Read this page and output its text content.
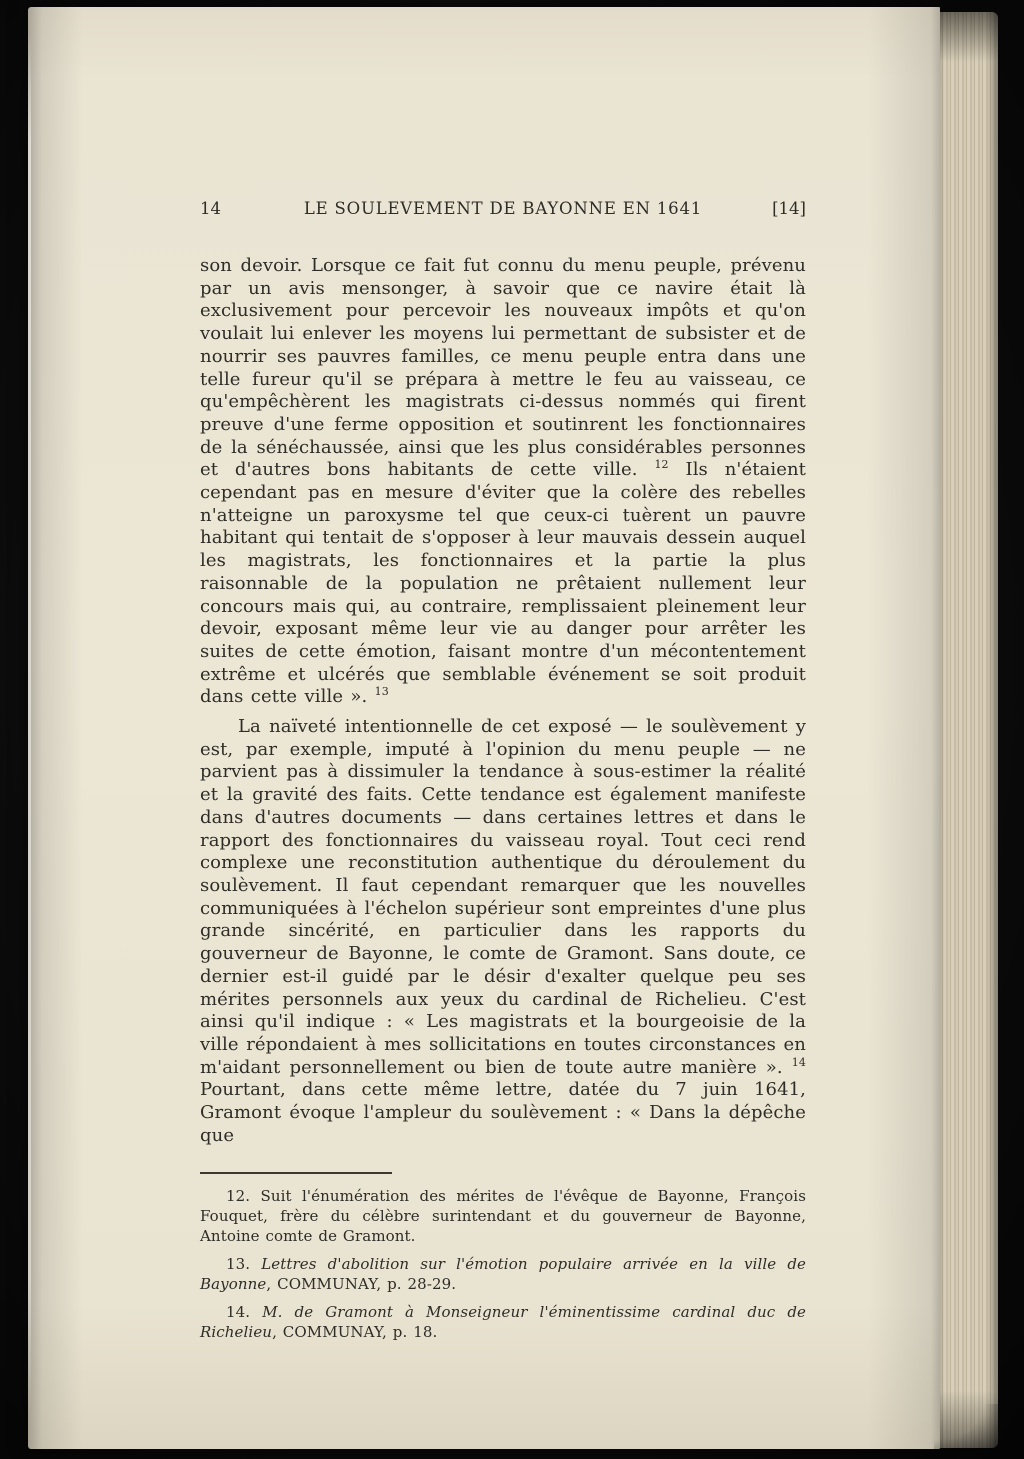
14	LE SOULEVEMENT DE BAYONNE EN 1641	[14]

son devoir. Lorsque ce fait fut connu du menu peuple, prévenu par un avis mensonger, à savoir que ce navire était là exclusivement pour percevoir les nouveaux impôts et qu'on voulait lui enlever les moyens lui permettant de subsister et de nourrir ses pauvres familles, ce menu peuple entra dans une telle fureur qu'il se prépara à mettre le feu au vaisseau, ce qu'empêchèrent les magistrats ci-dessus nommés qui firent preuve d'une ferme opposition et soutinrent les fonctionnaires de la sénéchaussée, ainsi que les plus considérables personnes et d'autres bons habitants de cette ville. $^{12}$ Ils n'étaient cependant pas en mesure d'éviter que la colère des rebelles n'atteigne un paroxysme tel que ceux-ci tuèrent un pauvre habitant qui tentait de s'opposer à leur mauvais dessein auquel les magistrats, les fonctionnaires et la partie la plus raisonnable de la population ne prêtaient nullement leur concours mais qui, au contraire, remplissaient pleinement leur devoir, exposant même leur vie au danger pour arrêter les suites de cette émotion, faisant montre d'un mécontentement extrême et ulcérés que semblable événement se soit produit dans cette ville ». $^{13}$

La naïveté intentionnelle de cet exposé — le soulèvement y est, par exemple, imputé à l'opinion du menu peuple — ne parvient pas à dissimuler la tendance à sous-estimer la réalité et la gravité des faits. Cette tendance est également manifeste dans d'autres documents — dans certaines lettres et dans le rapport des fonctionnaires du vaisseau royal. Tout ceci rend complexe une reconstitution authentique du déroulement du soulèvement. Il faut cependant remarquer que les nouvelles communiquées à l'échelon supérieur sont empreintes d'une plus grande sincérité, en particulier dans les rapports du gouverneur de Bayonne, le comte de Gramont. Sans doute, ce dernier est-il guidé par le désir d'exalter quelque peu ses mérites personnels aux yeux du cardinal de Richelieu. C'est ainsi qu'il indique : « Les magistrats et la bourgeoisie de la ville répondaient à mes sollicitations en toutes circonstances en m'aidant personnellement ou bien de toute autre manière ». $^{14}$ Pourtant, dans cette même lettre, datée du 7 juin 1641, Gramont évoque l'ampleur du soulèvement : « Dans la dépêche que

12. Suit l'énumération des mérites de l'évêque de Bayonne, François Fouquet, frère du célèbre surintendant et du gouverneur de Bayonne, Antoine comte de Gramont.

13. Lettres d'abolition sur l'émotion populaire arrivée en la ville de Bayonne, COMMUNAY, p. 28-29.

14. M. de Gramont à Monseigneur l'éminentissime cardinal duc de Richelieu, COMMUNAY, p. 18.
